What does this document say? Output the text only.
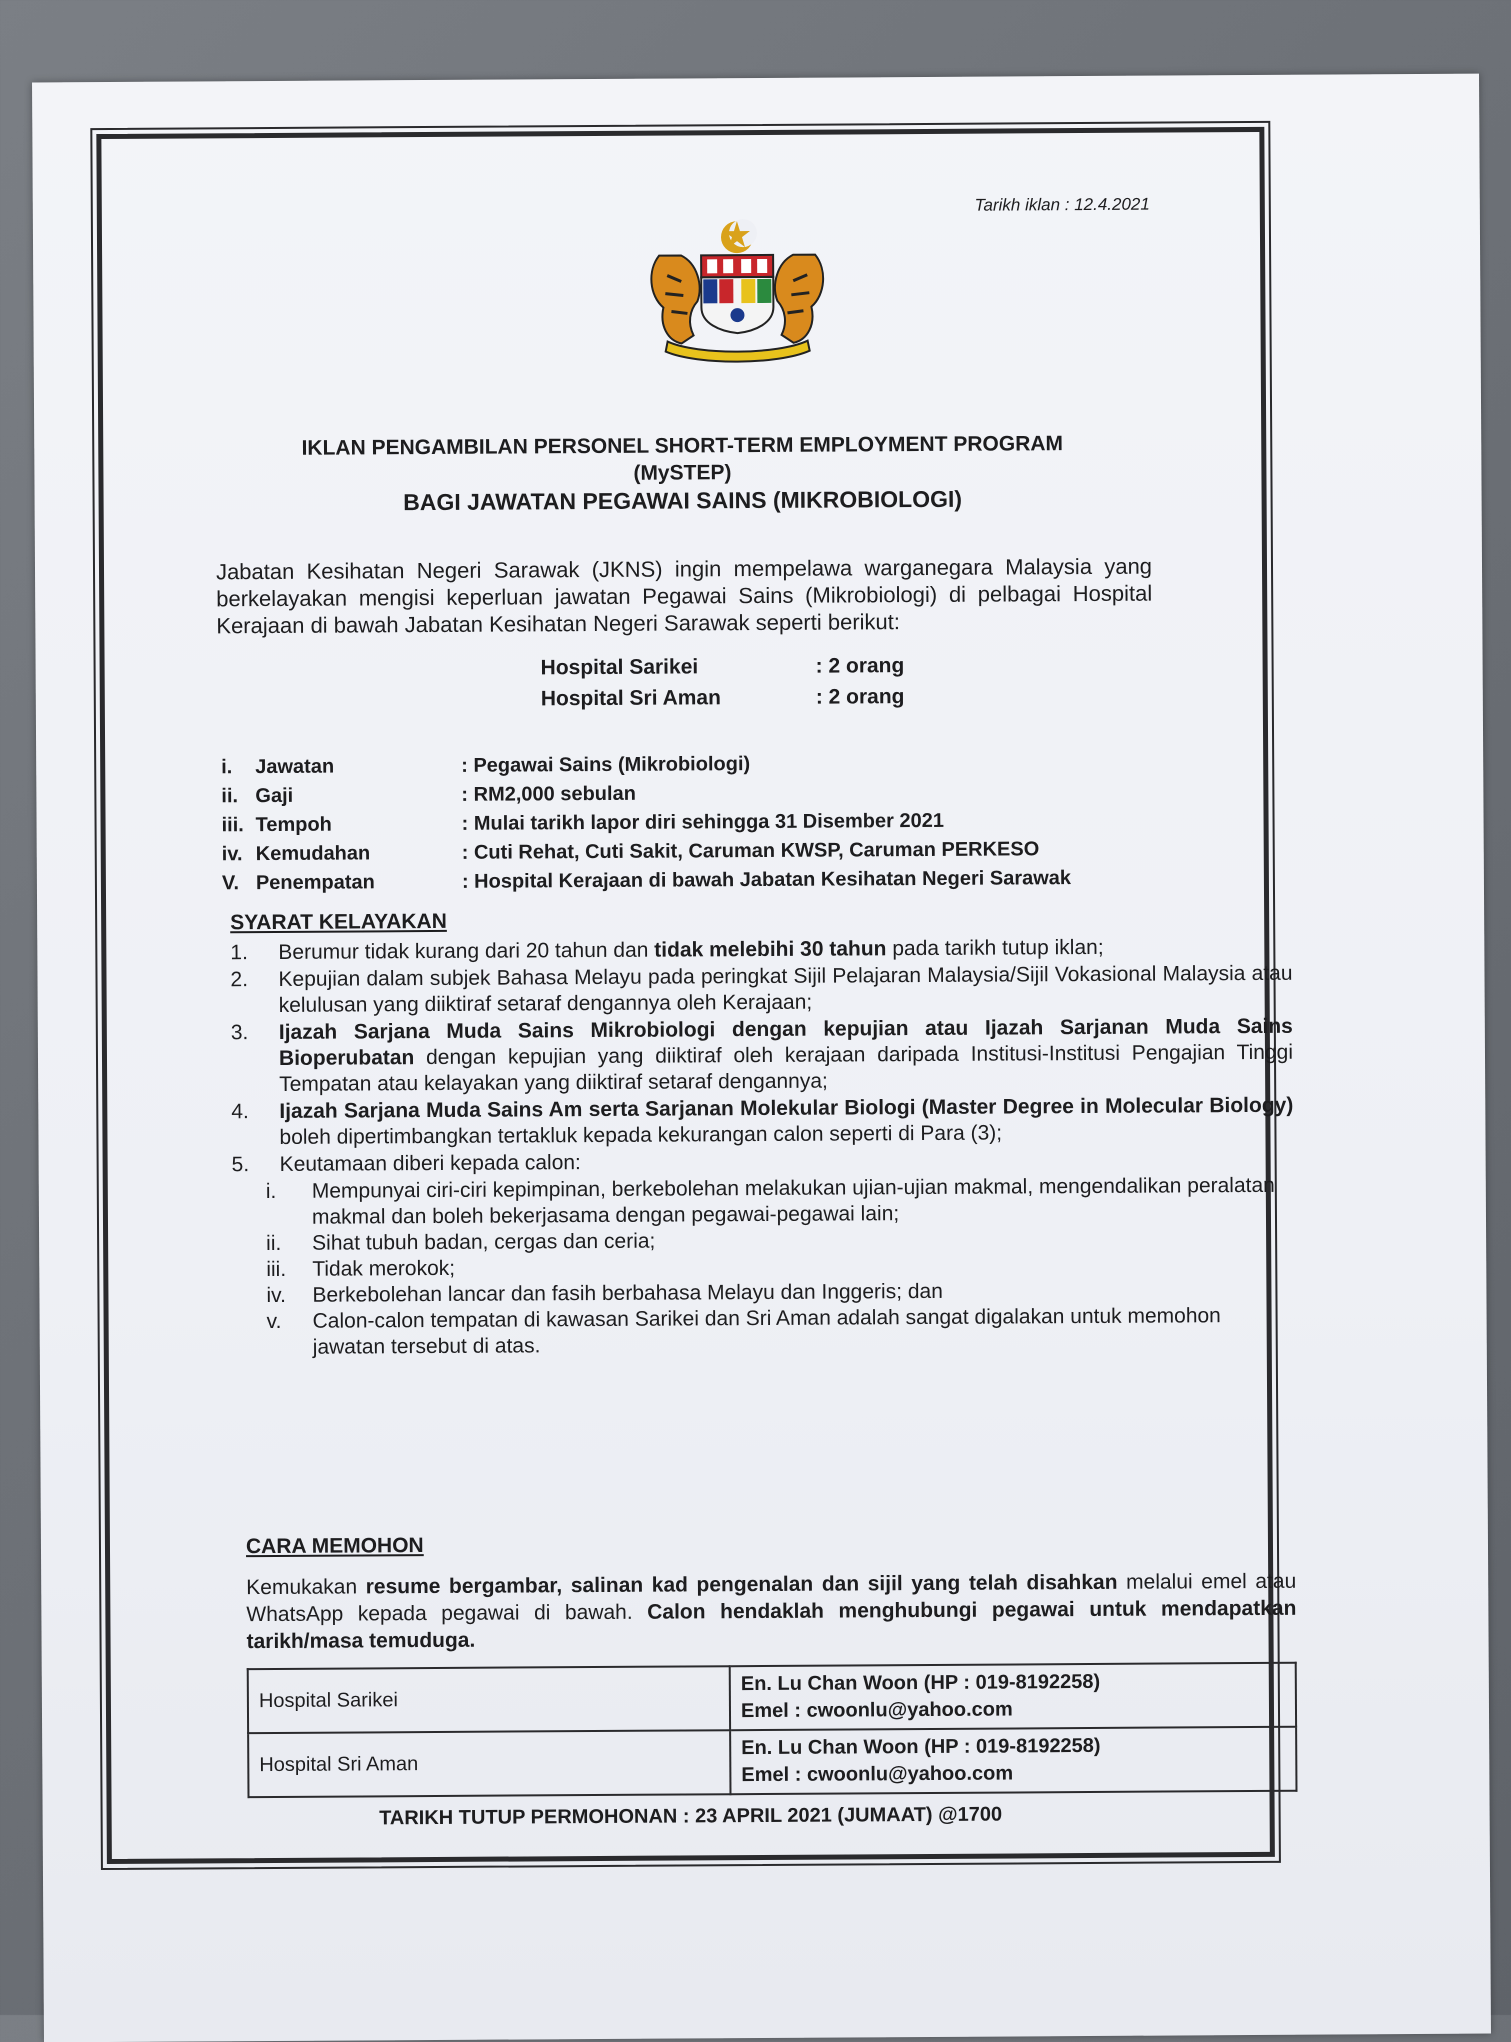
Tarikh iklan : 12.4.2021
IKLAN PENGAMBILAN PERSONEL SHORT-TERM EMPLOYMENT PROGRAM
(MySTEP)
BAGI JAWATAN PEGAWAI SAINS (MIKROBIOLOGI)
Jabatan Kesihatan Negeri Sarawak (JKNS) ingin mempelawa warganegara Malaysia yang berkelayakan mengisi keperluan jawatan Pegawai Sains (Mikrobiologi) di pelbagai Hospital Kerajaan di bawah Jabatan Kesihatan Negeri Sarawak seperti berikut:
Hospital Sarikei	: 2 orang
Hospital Sri Aman	: 2 orang
i. Jawatan	: Pegawai Sains (Mikrobiologi)
ii. Gaji	: RM2,000 sebulan
iii. Tempoh	: Mulai tarikh lapor diri sehingga 31 Disember 2021
iv. Kemudahan	: Cuti Rehat, Cuti Sakit, Caruman KWSP, Caruman PERKESO
V. Penempatan	: Hospital Kerajaan di bawah Jabatan Kesihatan Negeri Sarawak
SYARAT KELAYAKAN
1.	Berumur tidak kurang dari 20 tahun dan tidak melebihi 30 tahun pada tarikh tutup iklan;
2.	Kepujian dalam subjek Bahasa Melayu pada peringkat Sijil Pelajaran Malaysia/Sijil Vokasional Malaysia atau kelulusan yang diiktiraf setaraf dengannya oleh Kerajaan;
3.	Ijazah Sarjana Muda Sains Mikrobiologi dengan kepujian atau Ijazah Sarjanan Muda Sains Bioperubatan dengan kepujian yang diiktiraf oleh kerajaan daripada Institusi-Institusi Pengajian Tinggi Tempatan atau kelayakan yang diiktiraf setaraf dengannya;
4.	Ijazah Sarjana Muda Sains Am serta Sarjanan Molekular Biologi (Master Degree in Molecular Biology) boleh dipertimbangkan tertakluk kepada kekurangan calon seperti di Para (3);
5.	Keutamaan diberi kepada calon:
i.	Mempunyai ciri-ciri kepimpinan, berkebolehan melakukan ujian-ujian makmal, mengendalikan peralatan makmal dan boleh bekerjasama dengan pegawai-pegawai lain;
ii.	Sihat tubuh badan, cergas dan ceria;
iii.	Tidak merokok;
iv.	Berkebolehan lancar dan fasih berbahasa Melayu dan Inggeris; dan
v.	Calon-calon tempatan di kawasan Sarikei dan Sri Aman adalah sangat digalakan untuk memohon jawatan tersebut di atas.
CARA MEMOHON

Kemukakan resume bergambar, salinan kad pengenalan dan sijil yang telah disahkan melalui emel atau WhatsApp kepada pegawai di bawah. Calon hendaklah menghubungi pegawai untuk mendapatkan tarikh/masa temuduga.

Hospital Sarikei	En. Lu Chan Woon (HP : 019-8192258)
Emel : cwoonlu@yahoo.com

Hospital Sri Aman	En. Lu Chan Woon (HP : 019-8192258)
Emel : cwoonlu@yahoo.com
TARIKH TUTUP PERMOHONAN : 23 APRIL 2021 (JUMAAT) @1700
